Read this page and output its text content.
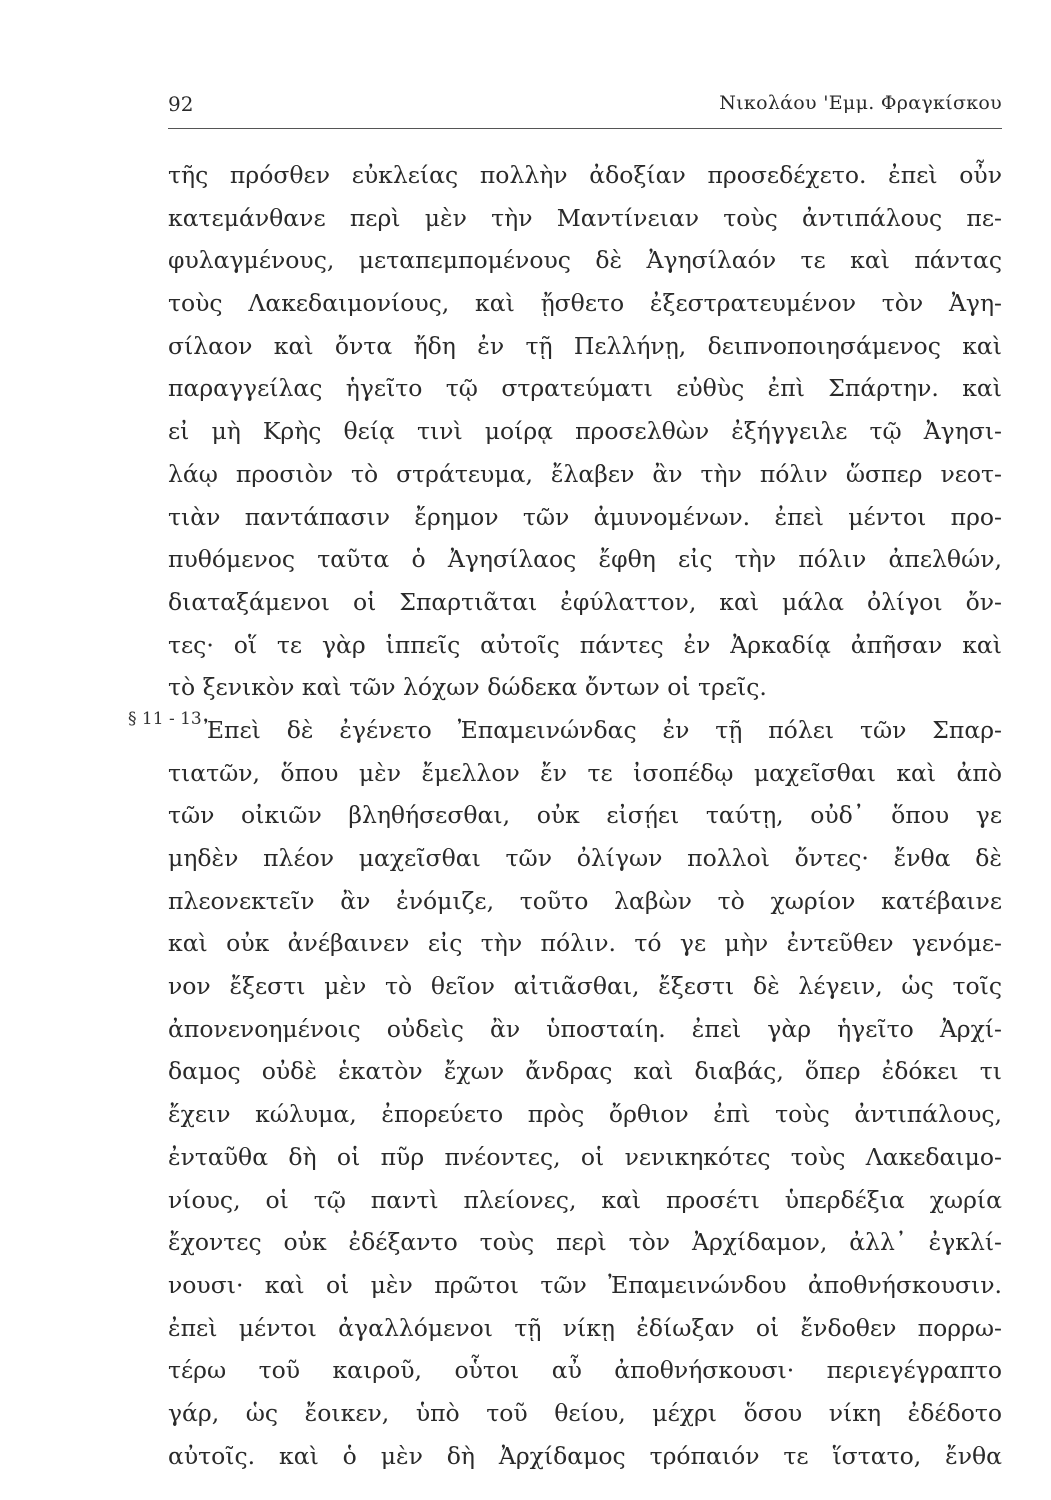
92	Νικολάου 'Εμμ. Φραγκίσκου
§ 11 - 13
τῆς πρόσθεν εὐκλείας πολλὴν ἀδοξίαν προσεδέχετο. ἐπεὶ οὖν
κατεμάνθανε περὶ μὲν τὴν Μαντίνειαν τοὺς ἀντιπάλους πε-
φυλαγμένους, μεταπεμπομένους δὲ Ἀγησίλαόν τε καὶ πάντας
τοὺς Λακεδαιμονίους, καὶ ᾔσθετο ἐξεστρατευμένον τὸν Ἀγη-
σίλαον καὶ ὄντα ἤδη ἐν τῇ Πελλήνῃ, δειπνοποιησάμενος καὶ
παραγγείλας ἡγεῖτο τῷ στρατεύματι εὐθὺς ἐπὶ Σπάρτην. καὶ
εἰ μὴ Κρὴς θείᾳ τινὶ μοίρᾳ προσελθὼν ἐξήγγειλε τῷ Ἀγησι-
λάῳ προσιὸν τὸ στράτευμα, ἔλαβεν ἂν τὴν πόλιν ὥσπερ νεοτ-
τιὰν παντάπασιν ἔρημον τῶν ἀμυνομένων. ἐπεὶ μέντοι προ-
πυθόμενος ταῦτα ὁ Ἀγησίλαος ἔφθη εἰς τὴν πόλιν ἀπελθών,
διαταξάμενοι οἱ Σπαρτιᾶται ἐφύλαττον, καὶ μάλα ὀλίγοι ὄν-
τες· οἵ τε γὰρ ἱππεῖς αὐτοῖς πάντες ἐν Ἀρκαδίᾳ ἀπῆσαν καὶ
τὸ ξενικὸν καὶ τῶν λόχων δώδεκα ὄντων οἱ τρεῖς.
Ἐπεὶ δὲ ἐγένετο Ἐπαμεινώνδας ἐν τῇ πόλει τῶν Σπαρ-
τιατῶν, ὅπου μὲν ἔμελλον ἔν τε ἰσοπέδῳ μαχεῖσθαι καὶ ἀπὸ
τῶν οἰκιῶν βληθήσεσθαι, οὐκ εἰσῄει ταύτῃ, οὐδ᾽ ὅπου γε
μηδὲν πλέον μαχεῖσθαι τῶν ὀλίγων πολλοὶ ὄντες· ἔνθα δὲ
πλεονεκτεῖν ἂν ἐνόμιζε, τοῦτο λαβὼν τὸ χωρίον κατέβαινε
καὶ οὐκ ἀνέβαινεν εἰς τὴν πόλιν. τό γε μὴν ἐντεῦθεν γενόμε-
νον ἔξεστι μὲν τὸ θεῖον αἰτιᾶσθαι, ἔξεστι δὲ λέγειν, ὡς τοῖς
ἀπονενοημένοις οὐδεὶς ἂν ὑποσταίη. ἐπεὶ γὰρ ἡγεῖτο Ἀρχί-
δαμος οὐδὲ ἑκατὸν ἔχων ἄνδρας καὶ διαβάς, ὅπερ ἐδόκει τι
ἔχειν κώλυμα, ἐπορεύετο πρὸς ὄρθιον ἐπὶ τοὺς ἀντιπάλους,
ἐνταῦθα δὴ οἱ πῦρ πνέοντες, οἱ νενικηκότες τοὺς Λακεδαιμο-
νίους, οἱ τῷ παντὶ πλείονες, καὶ προσέτι ὑπερδέξια χωρία
ἔχοντες οὐκ ἐδέξαντο τοὺς περὶ τὸν Ἀρχίδαμον, ἀλλ᾽ ἐγκλί-
νουσι· καὶ οἱ μὲν πρῶτοι τῶν Ἐπαμεινώνδου ἀποθνήσκουσιν.
ἐπεὶ μέντοι ἀγαλλόμενοι τῇ νίκῃ ἐδίωξαν οἱ ἔνδοθεν πορρω-
τέρω τοῦ καιροῦ, οὗτοι αὖ ἀποθνήσκουσι· περιεγέγραπτο
γάρ, ὡς ἔοικεν, ὑπὸ τοῦ θείου, μέχρι ὅσου νίκη ἐδέδοτο
αὐτοῖς. καὶ ὁ μὲν δὴ Ἀρχίδαμος τρόπαιόν τε ἵστατο, ἔνθα
